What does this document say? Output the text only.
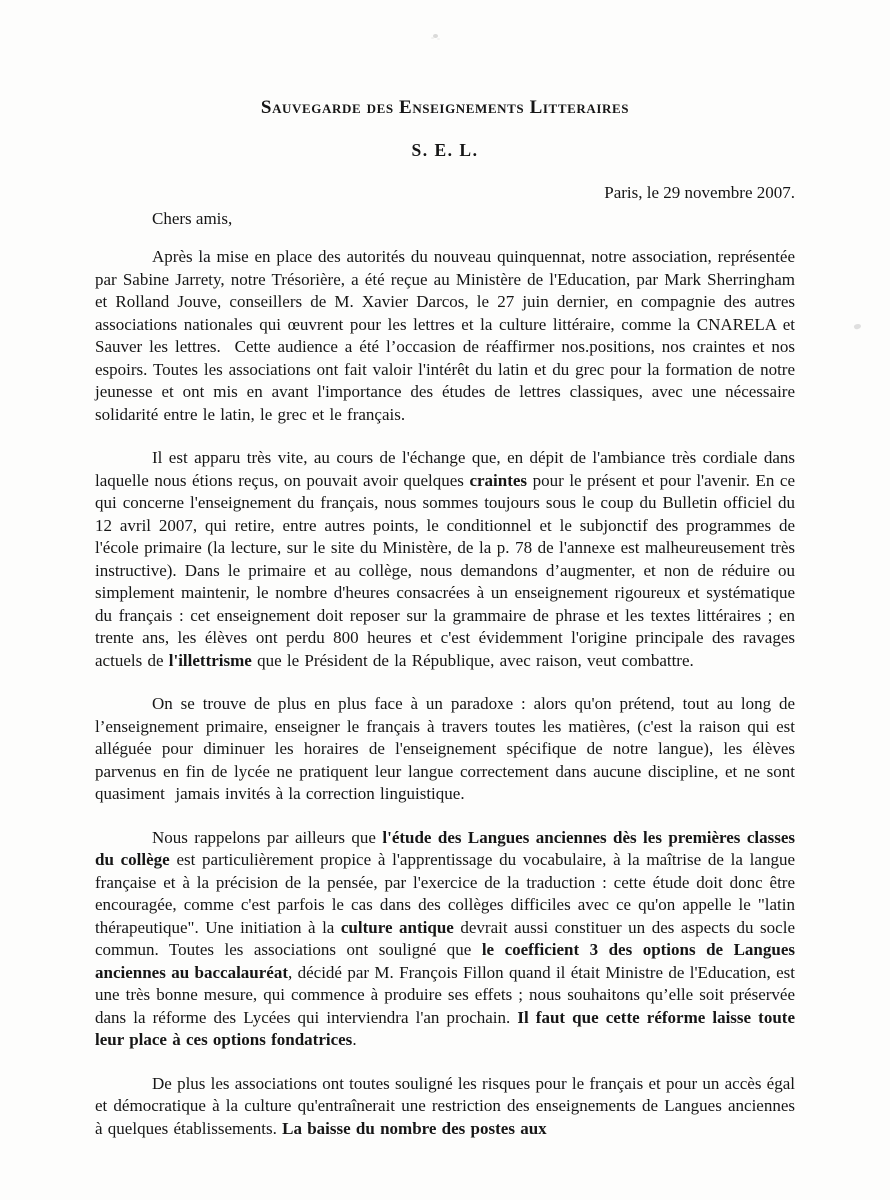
Sauvegarde des Enseignements Litteraires
S. E. L.
Paris, le 29 novembre 2007.
Chers amis,

Après la mise en place des autorités du nouveau quinquennat, notre association, représentée par Sabine Jarrety, notre Trésorière, a été reçue au Ministère de l'Education, par Mark Sherringham et Rolland Jouve, conseillers de M. Xavier Darcos, le 27 juin dernier, en compagnie des autres associations nationales qui œuvrent pour les lettres et la culture littéraire, comme la CNARELA et Sauver les lettres.  Cette audience a été l’occasion de réaffirmer nos.positions, nos craintes et nos espoirs. Toutes les associations ont fait valoir l'intérêt du latin et du grec pour la formation de notre jeunesse et ont mis en avant l'importance des études de lettres classiques, avec une nécessaire solidarité entre le latin, le grec et le français.

Il est apparu très vite, au cours de l'échange que, en dépit de l'ambiance très cordiale dans laquelle nous étions reçus, on pouvait avoir quelques craintes pour le présent et pour l'avenir. En ce qui concerne l'enseignement du français, nous sommes toujours sous le coup du Bulletin officiel du 12 avril 2007, qui retire, entre autres points, le conditionnel et le subjonctif des programmes de l'école primaire (la lecture, sur le site du Ministère, de la p. 78 de l'annexe est malheureusement très instructive). Dans le primaire et au collège, nous demandons d’augmenter, et non de réduire ou simplement maintenir, le nombre d'heures consacrées à un enseignement rigoureux et systématique du français : cet enseignement doit reposer sur la grammaire de phrase et les textes littéraires ; en trente ans, les élèves ont perdu 800 heures et c'est évidemment l'origine principale des ravages actuels de l'illettrisme que le Président de la République, avec raison, veut combattre.

On se trouve de plus en plus face à un paradoxe : alors qu'on prétend, tout au long de l’enseignement primaire, enseigner le français à travers toutes les matières, (c'est la raison qui est alléguée pour diminuer les horaires de l'enseignement spécifique de notre langue), les élèves parvenus en fin de lycée ne pratiquent leur langue correctement dans aucune discipline, et ne sont quasiment  jamais invités à la correction linguistique.

Nous rappelons par ailleurs que l'étude des Langues anciennes dès les premières classes du collège est particulièrement propice à l'apprentissage du vocabulaire, à la maîtrise de la langue française et à la précision de la pensée, par l'exercice de la traduction : cette étude doit donc être encouragée, comme c'est parfois le cas dans des collèges difficiles avec ce qu'on appelle le "latin thérapeutique". Une initiation à la culture antique devrait aussi constituer un des aspects du socle commun. Toutes les associations ont souligné que le coefficient 3 des options de Langues anciennes au baccalauréat, décidé par M. François Fillon quand il était Ministre de l'Education, est une très bonne mesure, qui commence à produire ses effets ; nous souhaitons qu’elle soit préservée dans la réforme des Lycées qui interviendra l'an prochain. Il faut que cette réforme laisse toute leur place à ces options fondatrices.

De plus les associations ont toutes souligné les risques pour le français et pour un accès égal et démocratique à la culture qu'entraînerait une restriction des enseignements de Langues anciennes à quelques établissements. La baisse du nombre des postes aux
